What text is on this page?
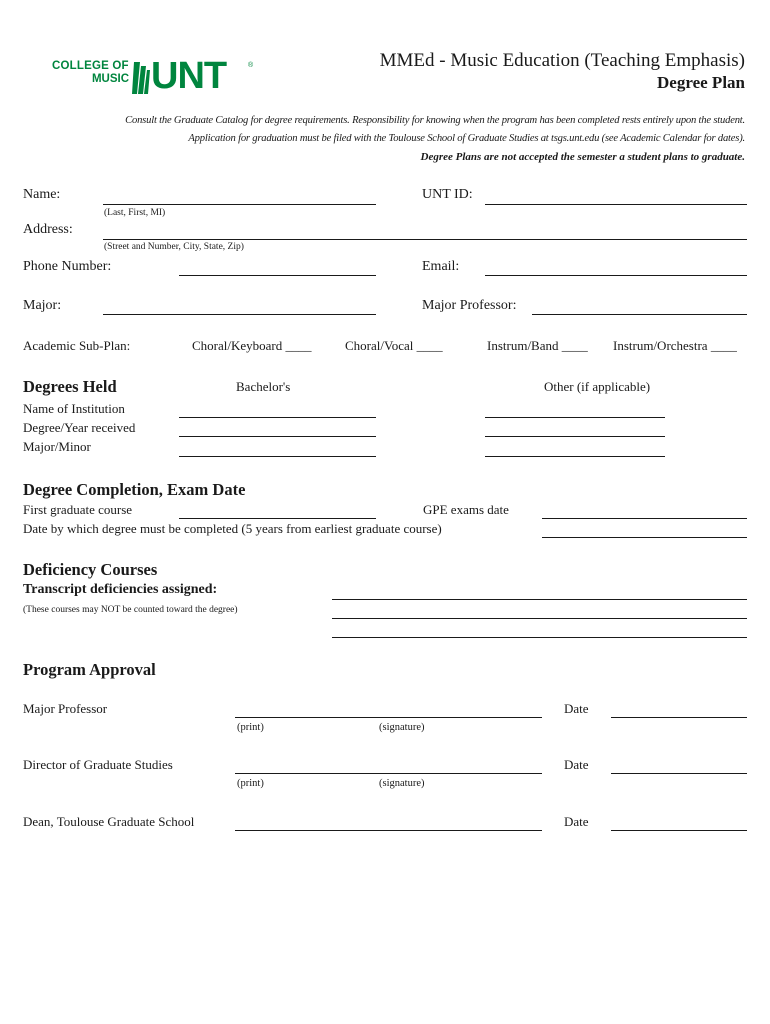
COLLEGE OF
MUSIC UNT	®	MMEd - Music Education (Teaching Emphasis)
Degree Plan
Consult the Graduate Catalog for degree requirements. Responsibility for knowing when the program has been completed rests entirely upon the student.
Application for graduation must be filed with the Toulouse School of Graduate Studies at tsgs.unt.edu (see Academic Calendar for dates).
Degree Plans are not accepted the semester a student plans to graduate.
Name:
(Last, First, MI)
UNT ID:
Address:
(Street and Number, City, State, Zip)
Phone Number:	Email:
Major:	Major Professor:
Academic Sub-Plan:	Choral/Keyboard ____	Choral/Vocal ____	Instrum/Band ____ Instrum/Orchestra ____
Degrees Held	Bachelor's	Other (if applicable)
Name of Institution
Degree/Year received
Major/Minor
Degree Completion, Exam Date
First graduate course	GPE exams date
Date by which degree must be completed (5 years from earliest graduate course)
Deficiency Courses
Transcript deficiencies assigned:
(These courses may NOT be counted toward the degree)
Program Approval
Major Professor
(print)	(signature)
Date
Director of Graduate Studies
(print)	(signature)
Date
Dean, Toulouse Graduate School	Date
